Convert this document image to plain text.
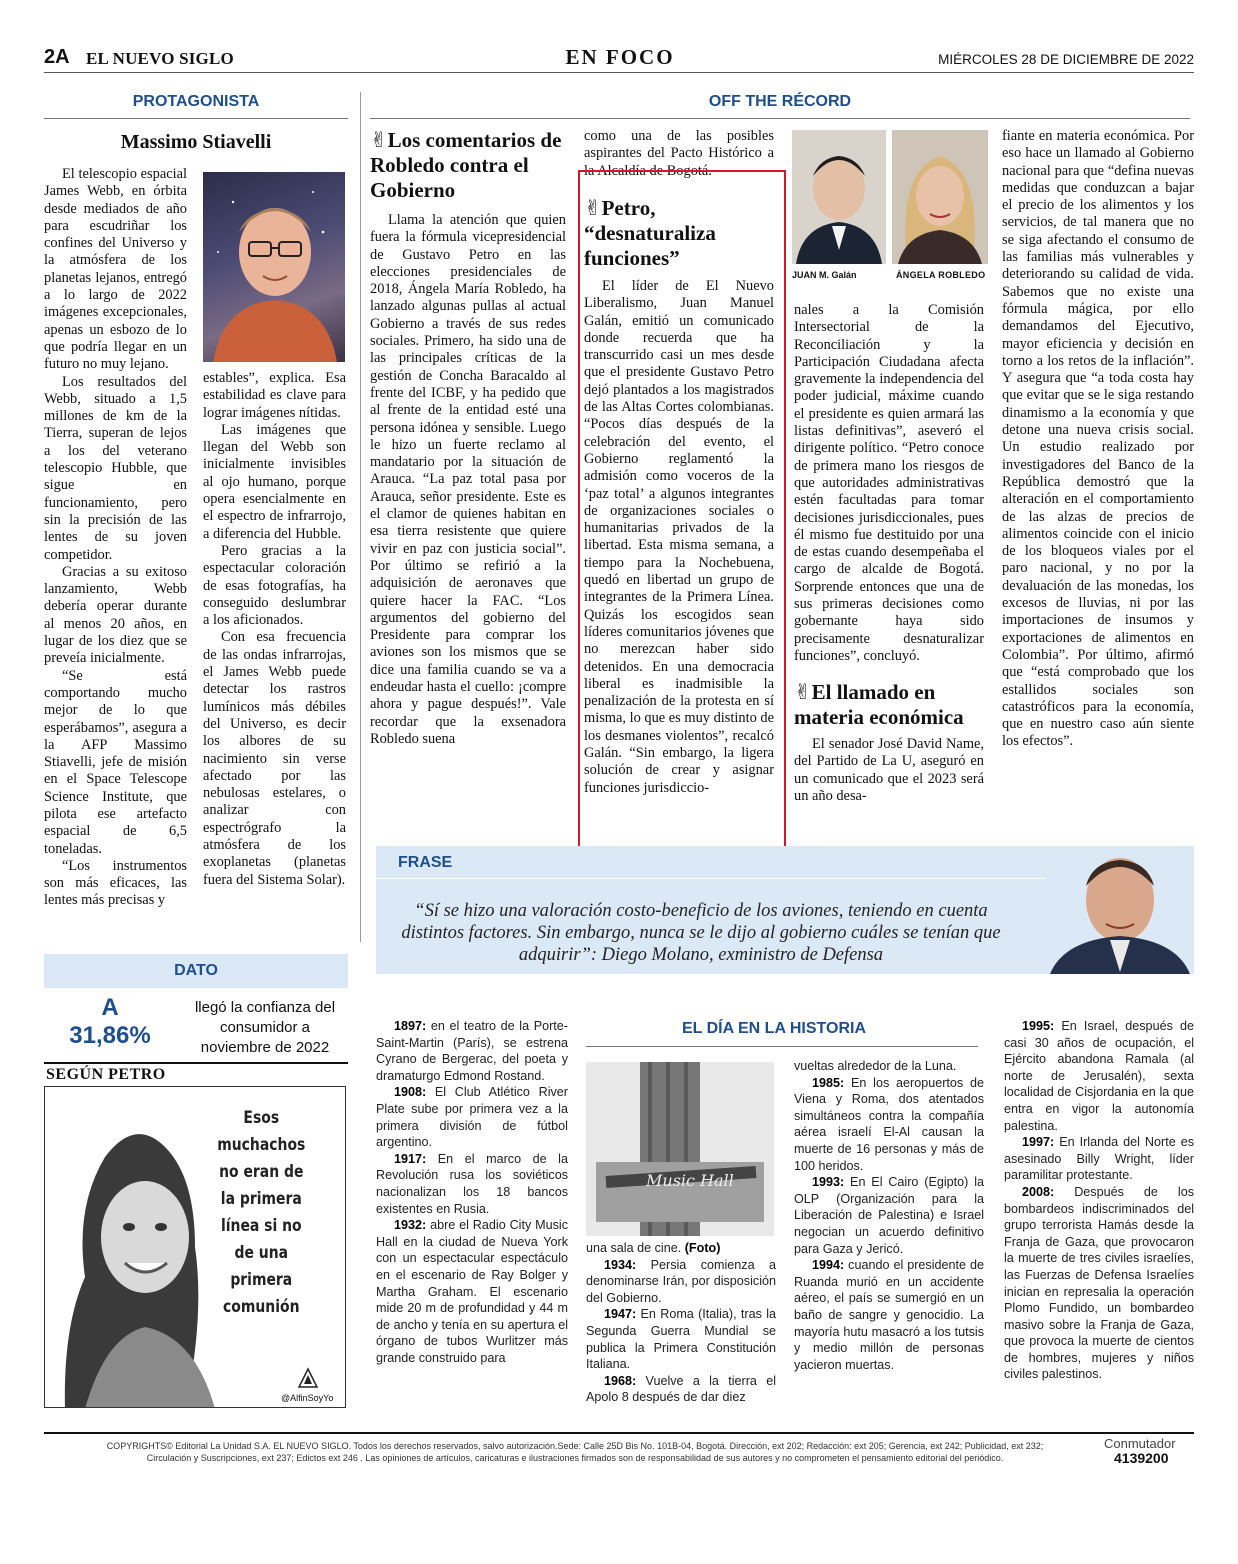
2A EL NUEVO SIGLO	EN FOCO	MIÉRCOLES 28 DE DICIEMBRE DE 2022
PROTAGONISTA
Massimo Stiavelli

El telescopio espacial James Webb, en órbita desde mediados de año para escudriñar los confines del Universo y la atmósfera de los planetas lejanos, entregó a lo largo de 2022 imágenes excepcionales, apenas un esbozo de lo que podría llegar en un futuro no muy lejano.

Los resultados del Webb, situado a 1,5 millones de km de la Tierra, superan de lejos a los del veterano telescopio Hubble, que sigue en funcionamiento, pero sin la precisión de las lentes de su joven competidor.

Gracias a su exitoso lanzamiento, Webb debería operar durante al menos 20 años, en lugar de los diez que se preveía inicialmente.

“Se está comportando mucho mejor de lo que esperábamos”, asegura a la AFP Massimo Stiavelli, jefe de misión en el Space Telescope Science Institute, que pilota ese artefacto espacial de 6,5 toneladas.

“Los instrumentos son más eficaces, las lentes más precisas y

estables”, explica. Esa estabilidad es clave para lograr imágenes nítidas.

Las imágenes que llegan del Webb son inicialmente invisibles al ojo humano, porque opera esencialmente en el espectro de infrarrojo, a diferencia del Hubble.

Pero gracias a la espectacular coloración de esas fotografías, ha conseguido deslumbrar a los aficionados.

Con esa frecuencia de las ondas infrarrojas, el James Webb puede detectar los rastros lumínicos más débiles del Universo, es decir los albores de su nacimiento sin verse afectado por las nebulosas estelares, o analizar con espectrógrafo la atmósfera de los exoplanetas (planetas fuera del Sistema Solar).

DATO
A
31,86%
llegó la confianza del consumidor a noviembre de 2022
SEGÚN PETRO
Esos muchachos no eran de la primera línea si no de una primera comunión
@AlfinSoyYo
OFF THE RÉCORD
✌Los comentarios de Robledo contra el Gobierno

Llama la atención que quien fuera la fórmula vicepresidencial de Gustavo Petro en las elecciones presidenciales de 2018, Ángela María Robledo, ha lanzado algunas pullas al actual Gobierno a través de sus redes sociales. Primero, ha sido una de las principales críticas de la gestión de Concha Baracaldo al frente del ICBF, y ha pedido que al frente de la entidad esté una persona idónea y sensible. Luego le hizo un fuerte reclamo al mandatario por la situación de Arauca. “La paz total pasa por Arauca, señor presidente. Este es el clamor de quienes habitan en esa tierra resistente que quiere vivir en paz con justicia social”. Por último se refirió a la adquisición de aeronaves que quiere hacer la FAC. “Los argumentos del gobierno del Presidente para comprar los aviones son los mismos que se dice una familia cuando se va a endeudar hasta el cuello: ¡compre ahora y pague después!”. Vale recordar que la exsenadora Robledo suena

como una de las posibles aspirantes del Pacto Histórico a la Alcaldía de Bogotá.

✌Petro, “desnaturaliza funciones”

El líder de El Nuevo Liberalismo, Juan Manuel Galán, emitió un comunicado donde recuerda que ha transcurrido casi un mes desde que el presidente Gustavo Petro dejó plantados a los magistrados de las Altas Cortes colombianas. “Pocos días después de la celebración del evento, el Gobierno reglamentó la admisión como voceros de la ‘paz total’ a algunos integrantes de organizaciones sociales o humanitarias privados de la libertad. Esta misma semana, a tiempo para la Nochebuena, quedó en libertad un grupo de integrantes de la Primera Línea. Quizás los escogidos sean líderes comunitarios jóvenes que no merezcan haber sido detenidos. En una democracia liberal es inadmisible la penalización de la protesta en sí misma, lo que es muy distinto de los desmanes violentos”, recalcó Galán. “Sin embargo, la ligera solución de crear y asignar funciones jurisdiccio-

JUAN M. Galán	ÁNGELA ROBLEDO

nales a la Comisión Intersectorial de la Reconciliación y la Participación Ciudadana afecta gravemente la independencia del poder judicial, máxime cuando el presidente es quien armará las listas definitivas”, aseveró el dirigente político. “Petro conoce de primera mano los riesgos de que autoridades administrativas estén facultadas para tomar decisiones jurisdiccionales, pues él mismo fue destituido por una de estas cuando desempeñaba el cargo de alcalde de Bogotá. Sorprende entonces que una de sus primeras decisiones como gobernante haya sido precisamente desnaturalizar funciones”, concluyó.

✌El llamado en materia económica

El senador José David Name, del Partido de La U, aseguró en un comunicado que el 2023 será un año desa-

fiante en materia económica. Por eso hace un llamado al Gobierno nacional para que “defina nuevas medidas que conduzcan a bajar el precio de los alimentos y los servicios, de tal manera que no se siga afectando el consumo de las familias más vulnerables y deteriorando su calidad de vida. Sabemos que no existe una fórmula mágica, por ello demandamos del Ejecutivo, mayor eficiencia y decisión en torno a los retos de la inflación”. Y asegura que “a toda costa hay que evitar que se le siga restando dinamismo a la economía y que detone una nueva crisis social. Un estudio realizado por investigadores del Banco de la República demostró que la alteración en el comportamiento de las alzas de precios de alimentos coincide con el inicio de los bloqueos viales por el paro nacional, y no por la devaluación de las monedas, los excesos de lluvias, ni por las importaciones de insumos y exportaciones de alimentos en Colombia”. Por último, afirmó que “está comprobado que los estallidos sociales son catastróficos para la economía, que en nuestro caso aún siente los efectos”.

FRASE
“Sí se hizo una valoración costo-beneficio de los aviones, teniendo en cuenta distintos factores. Sin embargo, nunca se le dijo al gobierno cuáles se tenían que adquirir”: Diego Molano, exministro de Defensa
EL DÍA EN LA HISTORIA

1897: en el teatro de la Porte-Saint-Martin (París), se estrena Cyrano de Bergerac, del poeta y dramaturgo Edmond Rostand.

1908: El Club Atlético River Plate sube por primera vez a la primera división de fútbol argentino.

1917: En el marco de la Revolución rusa los soviéticos nacionalizan los 18 bancos existentes en Rusia.

1932: abre el Radio City Music Hall en la ciudad de Nueva York con un espectacular espectáculo en el escenario de Ray Bolger y Martha Graham. El escenario mide 20 m de profundidad y 44 m de ancho y tenía en su apertura el órgano de tubos Wurlitzer más grande construido para

Music Hall

una sala de cine. (Foto)

1934: Persia comienza a denominarse Irán, por disposición del Gobierno.

1947: En Roma (Italia), tras la Segunda Guerra Mundial se publica la Primera Constitución Italiana.

1968: Vuelve a la tierra el Apolo 8 después de dar diez

vueltas alrededor de la Luna.

1985: En los aeropuertos de Viena y Roma, dos atentados simultáneos contra la compañía aérea israelí El-Al causan la muerte de 16 personas y más de 100 heridos.

1993: En El Cairo (Egipto) la OLP (Organización para la Liberación de Palestina) e Israel negocian un acuerdo definitivo para Gaza y Jericó.

1994: cuando el presidente de Ruanda murió en un accidente aéreo, el país se sumergió en un baño de sangre y genocidio. La mayoría hutu masacró a los tutsis y medio millón de personas yacieron muertas.

1995: En Israel, después de casi 30 años de ocupación, el Ejército abandona Ramala (al norte de Jerusalén), sexta localidad de Cisjordania en la que entra en vigor la autonomía palestina.

1997: En Irlanda del Norte es asesinado Billy Wright, líder paramilitar protestante.

2008: Después de los bombardeos indiscriminados del grupo terrorista Hamás desde la Franja de Gaza, que provocaron la muerte de tres civiles israelíes, las Fuerzas de Defensa Israelíes inician en represalia la operación Plomo Fundido, un bombardeo masivo sobre la Franja de Gaza, que provoca la muerte de cientos de hombres, mujeres y niños civiles palestinos.

COPYRIGHTS© Editorial La Unidad S.A. EL NUEVO SIGLO. Todos los derechos reservados, salvo autorización.Sede: Calle 25D Bis No. 101B-04, Bogotá. Dirección, ext 202; Redacción: ext 205; Gerencia, ext 242; Publicidad, ext 232;
Circulación y Suscripciones, ext 237; Edictos ext 246 . Las opiniones de artículos, caricaturas e ilustraciones firmados son de responsabilidad de sus autores y no comprometen el pensamiento editorial del periódico.
Conmutador
4139200
